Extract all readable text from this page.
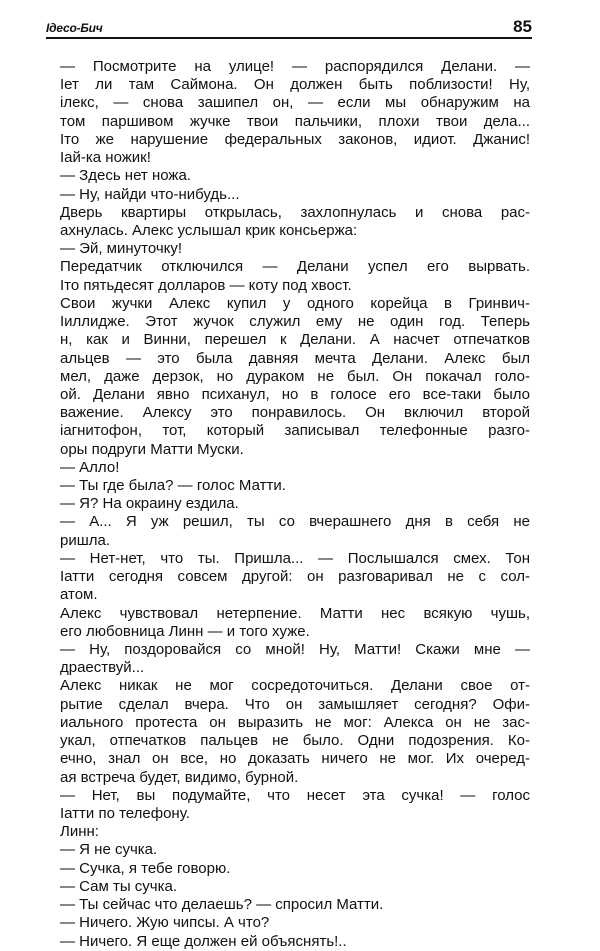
Ідесо-Бич	85
— Посмотрите на улице! — распорядился Делани. —
Іет ли там Саймона. Он должен быть поблизости! Ну,
ілекс, — снова зашипел он, — если мы обнаружим на
том паршивом жучке твои пальчики, плохи твои дела...
Іто же нарушение федеральных законов, идиот. Джанис!
Іай-ка ножик!
— Здесь нет ножа.
— Ну, найди что-нибудь...
Дверь квартиры открылась, захлопнулась и снова рас-
ахнулась. Алекс услышал крик консьержа:
— Эй, минуточку!
Передатчик отключился — Делани успел его вырвать.
Іто пятьдесят долларов — коту под хвост.
Свои жучки Алекс купил у одного корейца в Гринвич-
Іиллидже. Этот жучок служил ему не один год. Теперь
н, как и Винни, перешел к Делани. А насчет отпечатков
альцев — это была давняя мечта Делани. Алекс был
мел, даже дерзок, но дураком не был. Он покачал голо-
ой. Делани явно психанул, но в голосе его все-таки было
важение. Алексу это понравилось. Он включил второй
іагнитофон, тот, который записывал телефонные разго-
оры подруги Матти Муски.
— Алло!
— Ты где была? — голос Матти.
— Я? На окраину ездила.
— А... Я уж решил, ты со вчерашнего дня в себя не
ришла.
— Нет-нет, что ты. Пришла... — Послышался смех. Тон
Іатти сегодня совсем другой: он разговаривал не с сол-
атом.
Алекс чувствовал нетерпение. Матти нес всякую чушь,
его любовница Линн — и того хуже.
— Ну, поздоровайся со мной! Ну, Матти! Скажи мне —
драествуй...
Алекс никак не мог сосредоточиться. Делани свое от-
рытие сделал вчера. Что он замышляет сегодня? Офи-
иального протеста он выразить не мог: Алекса он не зас-
укал, отпечатков пальцев не было. Одни подозрения. Ко-
ечно, знал он все, но доказать ничего не мог. Их очеред-
ая встреча будет, видимо, бурной.
— Нет, вы подумайте, что несет эта сучка! — голос
Іатти по телефону.
Линн:
— Я не сучка.
— Сучка, я тебе говорю.
— Сам ты сучка.
— Ты сейчас что делаешь? — спросил Матти.
— Ничего. Жую чипсы. А что?
— Ничего. Я еще должен ей объяснять!..
